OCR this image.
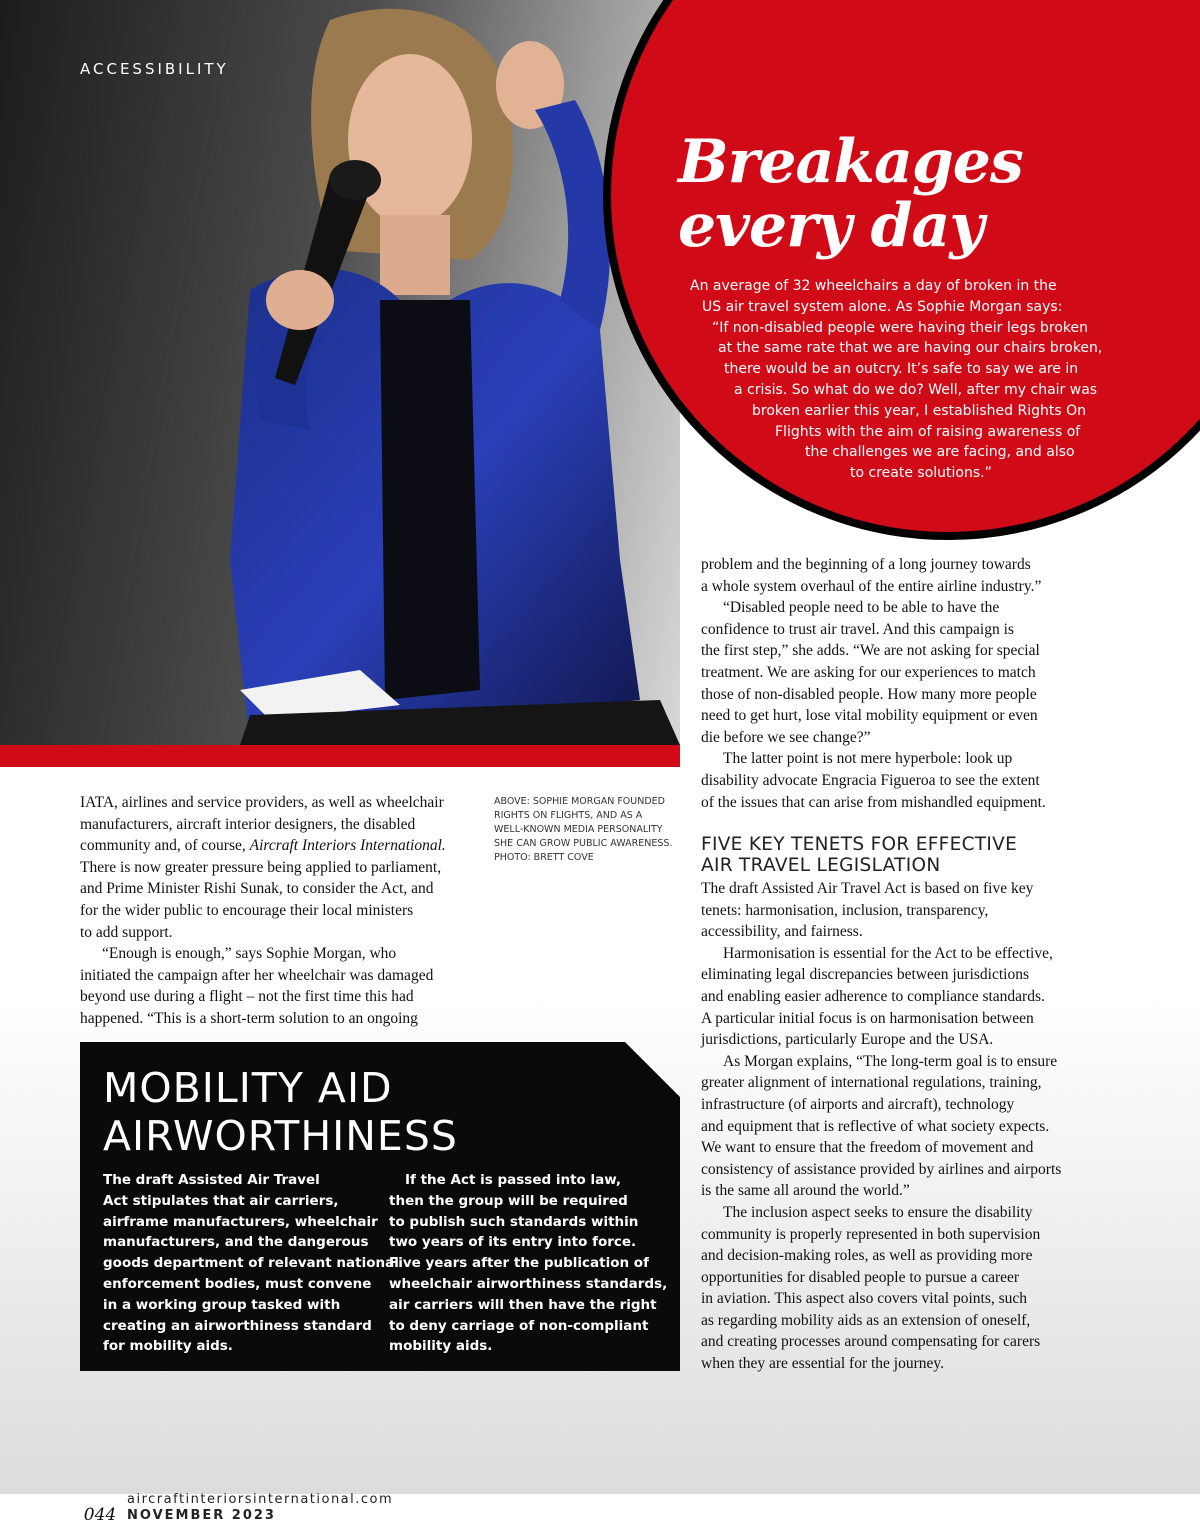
ACCESSIBILITY

Breakages
every day
An average of 32 wheelchairs a day of broken in the
US air travel system alone. As Sophie Morgan says:
“If non-disabled people were having their legs broken
at the same rate that we are having our chairs broken,
there would be an outcry. It’s safe to say we are in
a crisis. So what do we do? Well, after my chair was
broken earlier this year, I established Rights On
Flights with the aim of raising awareness of
the challenges we are facing, and also
to create solutions.”
IATA, airlines and service providers, as well as wheelchair
manufacturers, aircraft interior designers, the disabled
community and, of course, Aircraft Interiors International.
There is now greater pressure being applied to parliament,
and Prime Minister Rishi Sunak, to consider the Act, and
for the wider public to encourage their local ministers
to add support.
“Enough is enough,” says Sophie Morgan, who
initiated the campaign after her wheelchair was damaged
beyond use during a flight – not the first time this had
happened. “This is a short-term solution to an ongoing
ABOVE: SOPHIE MORGAN FOUNDED
RIGHTS ON FLIGHTS, AND AS A
WELL-KNOWN MEDIA PERSONALITY
SHE CAN GROW PUBLIC AWARENESS.
PHOTO: BRETT COVE
problem and the beginning of a long journey towards
a whole system overhaul of the entire airline industry.”
“Disabled people need to be able to have the
confidence to trust air travel. And this campaign is
the first step,” she adds. “We are not asking for special
treatment. We are asking for our experiences to match
those of non-disabled people. How many more people
need to get hurt, lose vital mobility equipment or even
die before we see change?”
The latter point is not mere hyperbole: look up
disability advocate Engracia Figueroa to see the extent
of the issues that can arise from mishandled equipment.
FIVE KEY TENETS FOR EFFECTIVE
AIR TRAVEL LEGISLATION
The draft Assisted Air Travel Act is based on five key
tenets: harmonisation, inclusion, transparency,
accessibility, and fairness.
Harmonisation is essential for the Act to be effective,
eliminating legal discrepancies between jurisdictions
and enabling easier adherence to compliance standards.
A particular initial focus is on harmonisation between
jurisdictions, particularly Europe and the USA.
As Morgan explains, “The long-term goal is to ensure
greater alignment of international regulations, training,
infrastructure (of airports and aircraft), technology
and equipment that is reflective of what society expects.
We want to ensure that the freedom of movement and
consistency of assistance provided by airlines and airports
is the same all around the world.”
The inclusion aspect seeks to ensure the disability
community is properly represented in both supervision
and decision-making roles, as well as providing more
opportunities for disabled people to pursue a career
in aviation. This aspect also covers vital points, such
as regarding mobility aids as an extension of oneself,
and creating processes around compensating for carers
when they are essential for the journey.
MOBILITY AID
AIRWORTHINESS
The draft Assisted Air Travel
Act stipulates that air carriers,
airframe manufacturers, wheelchair
manufacturers, and the dangerous
goods department of relevant national
enforcement bodies, must convene
in a working group tasked with
creating an airworthiness standard
for mobility aids.
If the Act is passed into law,
then the group will be required
to publish such standards within
two years of its entry into force.
Five years after the publication of
wheelchair airworthiness standards,
air carriers will then have the right
to deny carriage of non-compliant
mobility aids.
044
aircraftinteriorsinternational.com
NOVEMBER 2023
